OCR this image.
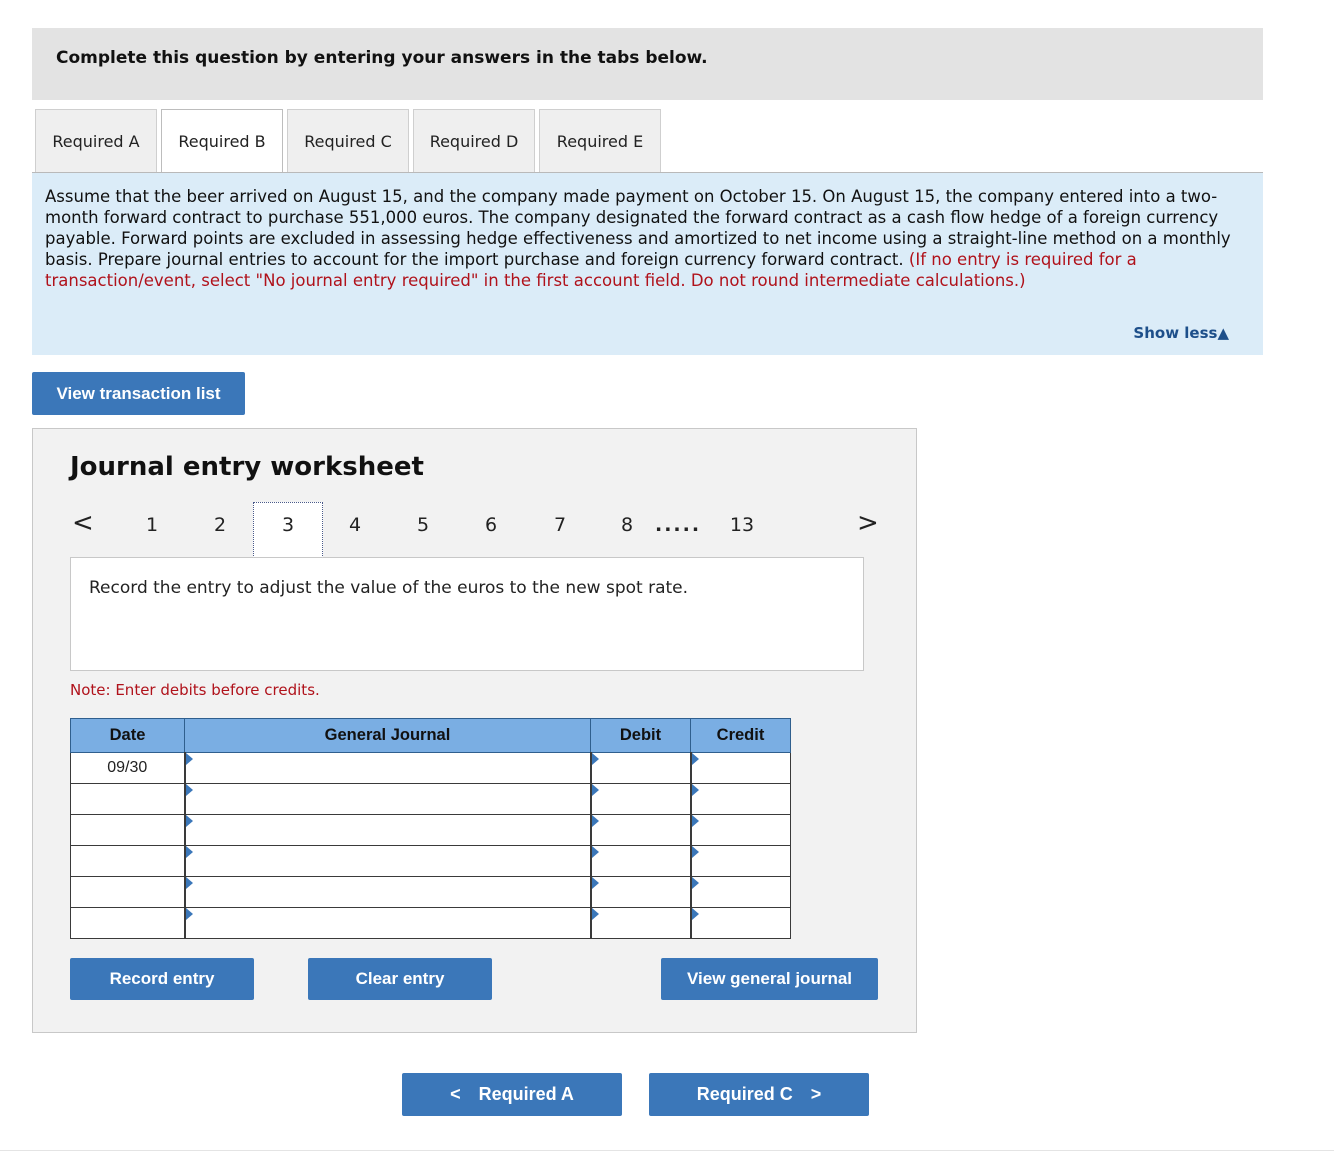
Complete this question by entering your answers in the tabs below.
Required A Required B Required C Required D Required E
Assume that the beer arrived on August 15, and the company made payment on October 15. On August 15, the company entered into a two-month forward contract to purchase 551,000 euros. The company designated the forward contract as a cash flow hedge of a foreign currency payable. Forward points are excluded in assessing hedge effectiveness and amortized to net income using a straight-line method on a monthly basis. Prepare journal entries to account for the import purchase and foreign currency forward contract. (If no entry is required for a transaction/event, select "No journal entry required" in the first account field. Do not round intermediate calculations.)
Show less▲
View transaction list
Journal entry worksheet
<	1	2	3	4	5	6	7	8	..... 13	>
Record the entry to adjust the value of the euros to the new spot rate.
Note: Enter debits before credits.
Date	General Journal	Debit	Credit
09/30			

Record entry	Clear entry	View general journal
< Required A	Required C >
